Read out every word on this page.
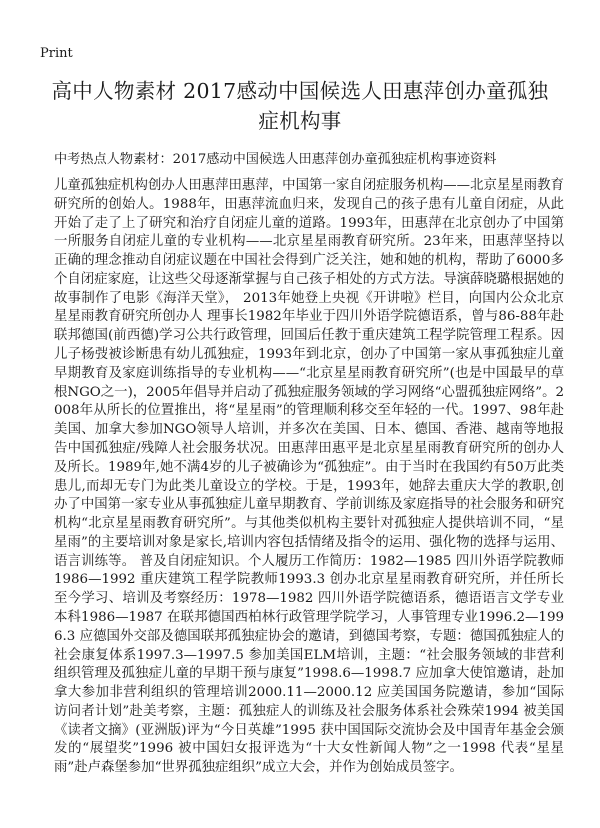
Print
高中人物素材 2017感动中国候选人田惠萍创办童孤独症机构事
中考热点人物素材：2017感动中国候选人田惠萍创办童孤独症机构事迹资料
儿童孤独症机构创办人田惠萍田惠萍，中国第一家自闭症服务机构——北京星星雨教育研究所的创始人。1988年，田惠萍流血归来，发现自己的孩子患有儿童自闭症，从此开始了走了上了研究和治疗自闭症儿童的道路。1993年，田惠萍在北京创办了中国第一所服务自闭症儿童的专业机构——北京星星雨教育研究所。23年来，田惠萍坚持以正确的理念推动自闭症议题在中国社会得到广泛关注，她和她的机构，帮助了6000多个自闭症家庭，让这些父母逐渐掌握与自己孩子相处的方式方法。导演薛晓璐根据她的故事制作了电影《海洋天堂》， 2013年她登上央视《开讲啦》栏目，向国内公众北京星星雨教育研究所创办人 理事长1982年毕业于四川外语学院德语系，曾与86-88年赴联邦德国(前西德)学习公共行政管理，回国后任教于重庆建筑工程学院管理工程系。因儿子杨弢被诊断患有幼儿孤独症，1993年到北京，创办了中国第一家从事孤独症儿童早期教育及家庭训练指导的专业机构——“北京星星雨教育研究所”(也是中国最早的草根NGO之一)，2005年倡导并启动了孤独症服务领域的学习网络“心盟孤独症网络”。2008年从所长的位置推出，将“星星雨”的管理顺利移交至年轻的一代。1997、98年赴美国、加拿大参加NGO领导人培训，并多次在美国、日本、德国、香港、越南等地报告中国孤独症/残障人社会服务状况。田惠萍田惠平是北京星星雨教育研究所的创办人及所长。1989年,她不满4岁的儿子被确诊为“孤独症”。由于当时在我国约有50万此类患儿,而却无专门为此类儿童设立的学校。于是，1993年，她辞去重庆大学的教职,创办了中国第一家专业从事孤独症儿童早期教育、学前训练及家庭指导的社会服务和研究机构“北京星星雨教育研究所”。与其他类似机构主要针对孤独症人提供培训不同，“星星雨”的主要培训对象是家长,培训内容包括情绪及指令的运用、强化物的选择与运用、语言训练等。 普及自闭症知识。个人履历工作简历：1982—1985 四川外语学院教师1986—1992 重庆建筑工程学院教师1993.3 创办北京星星雨教育研究所，并任所长至今学习、培训及考察经历：1978—1982 四川外语学院德语系，德语语言文学专业本科1986—1987 在联邦德国西柏林行政管理学院学习，人事管理专业1996.2—1996.3 应德国外交部及德国联邦孤独症协会的邀请，到德国考察，专题：德国孤独症人的社会康复体系1997.3—1997.5 参加美国ELM培训，主题：“社会服务领域的非营利组织管理及孤独症儿童的早期干预与康复”1998.6—1998.7 应加拿大使馆邀请，赴加拿大参加非营利组织的管理培训2000.11—2000.12 应美国国务院邀请，参加“国际访问者计划”赴美考察，主题：孤独症人的训练及社会服务体系社会殊荣1994 被美国《读者文摘》(亚洲版)评为“今日英雄”1995 获中国国际交流协会及中国青年基金会颁发的“展望奖”1996 被中国妇女报评选为“十大女性新闻人物”之一1998 代表“星星雨”赴卢森堡参加“世界孤独症组织”成立大会，并作为创始成员签字。
